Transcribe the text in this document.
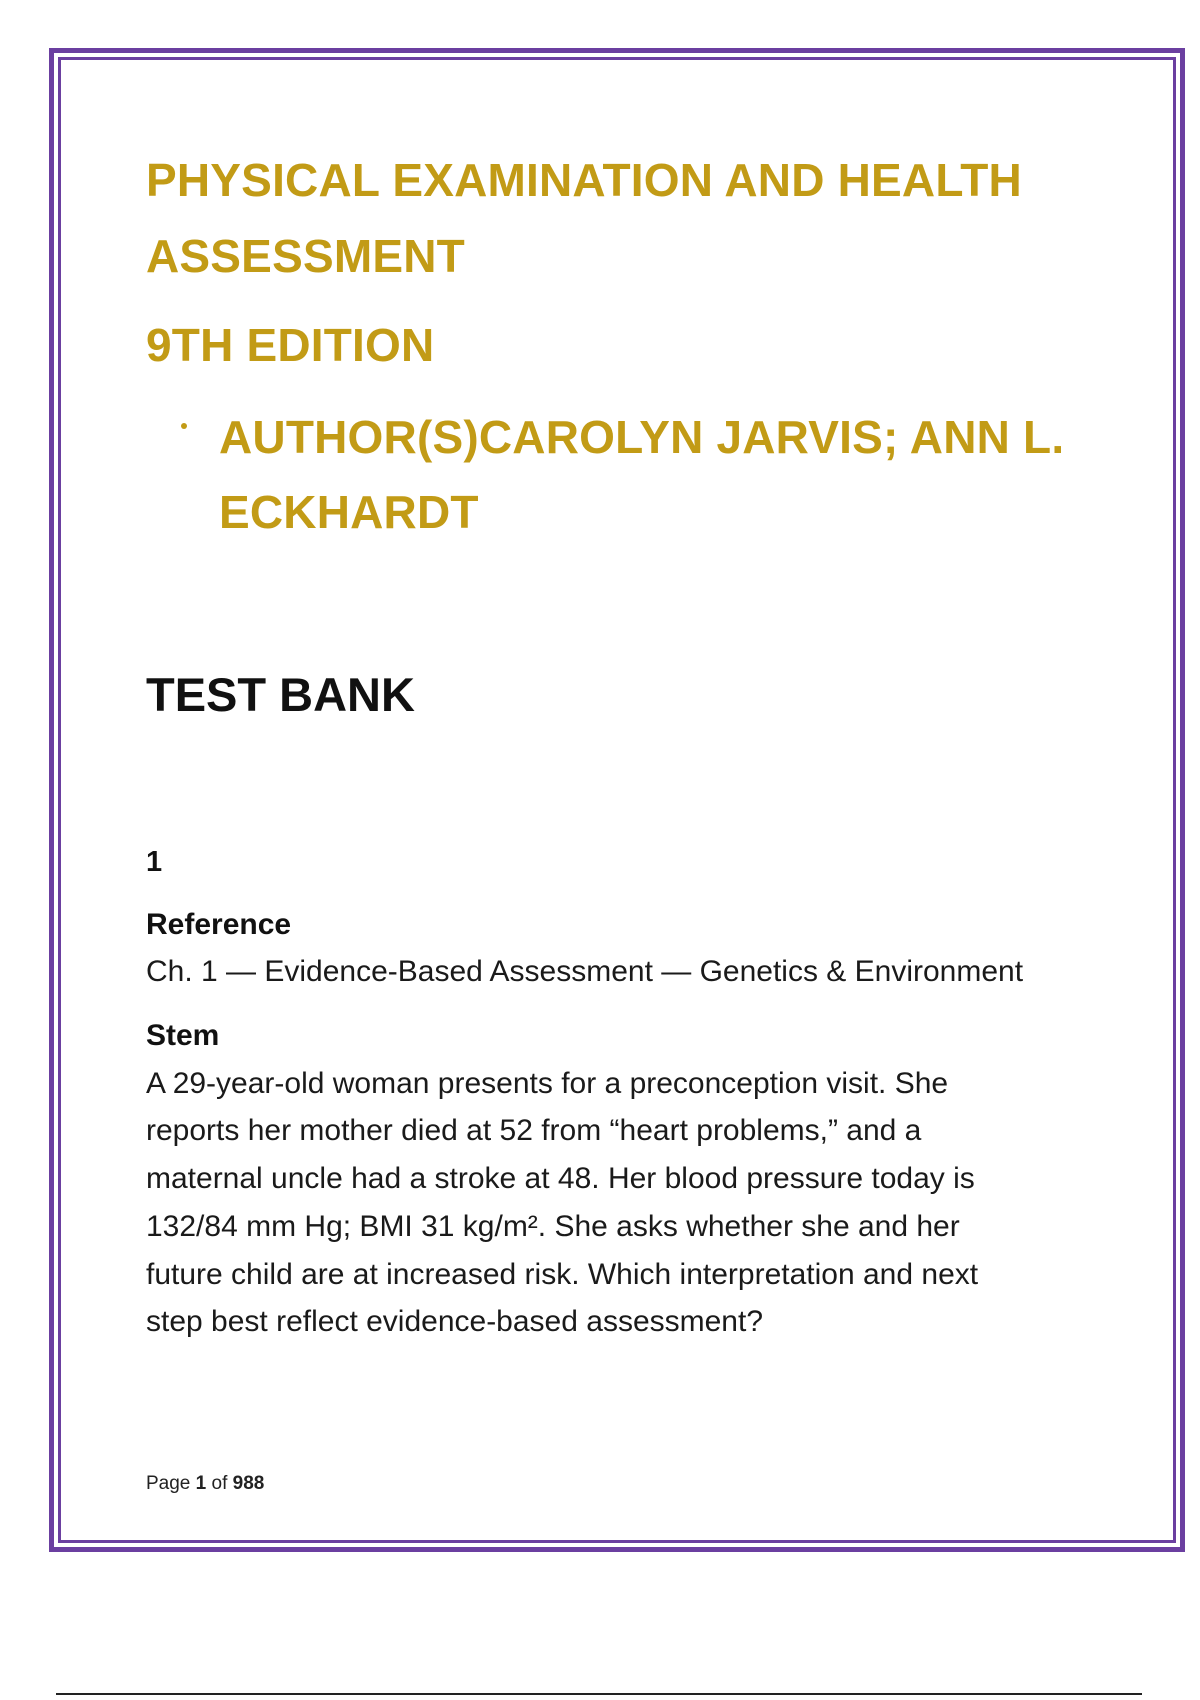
PHYSICAL EXAMINATION AND HEALTH
ASSESSMENT
9TH EDITION
AUTHOR(S)CAROLYN JARVIS; ANN L.
ECKHARDT
TEST BANK
1
Reference
Ch. 1 — Evidence-Based Assessment — Genetics & Environment
Stem
A 29-year-old woman presents for a preconception visit. She
reports her mother died at 52 from “heart problems,” and a
maternal uncle had a stroke at 48. Her blood pressure today is
132/84 mm Hg; BMI 31 kg/m². She asks whether she and her
future child are at increased risk. Which interpretation and next
step best reflect evidence-based assessment?
Page 1 of 988
